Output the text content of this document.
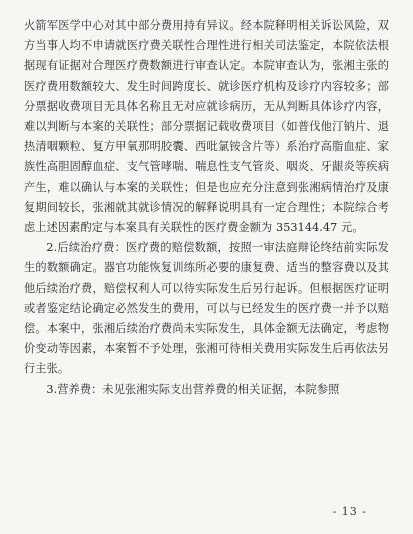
火箭军医学中心对其中部分费用持有异议。经本院释明相关诉讼风险，双方当事人均不申请就医疗费关联性合理性进行相关司法鉴定，本院依法根据现有证据对合理医疗费数额进行审查认定。本院审查认为，张湘主张的医疗费用数额较大、发生时间跨度长、就诊医疗机构及诊疗内容较多；部分票据收费项目无具体名称且无对应就诊病历，无从判断具体诊疗内容，难以判断与本案的关联性；部分票据记载收费项目（如普伐他汀钠片、退热清咽颗粒、复方甲氧那明胶囊、西吡氯铵含片等）系治疗高脂血症、家族性高胆固醇血症、支气管哮喘、喘息性支气管炎、咽炎、牙龈炎等疾病产生，难以确认与本案的关联性；但是也应充分注意到张湘病情治疗及康复期间较长，张湘就其就诊情况的解释说明具有一定合理性；本院综合考虑上述因素酌定与本案具有关联性的医疗费金额为 353144.47 元。

2.后续治疗费：医疗费的赔偿数额，按照一审法庭辩论终结前实际发生的数额确定。器官功能恢复训练所必要的康复费、适当的整容费以及其他后续治疗费，赔偿权利人可以待实际发生后另行起诉。但根据医疗证明或者鉴定结论确定必然发生的费用，可以与已经发生的医疗费一并予以赔偿。本案中，张湘后续治疗费尚未实际发生，具体金额无法确定，考虑物价变动等因素，本案暂不予处理，张湘可待相关费用实际发生后再依法另行主张。

3.营养费：未见张湘实际支出营养费的相关证据，本院参照

- 13 -
